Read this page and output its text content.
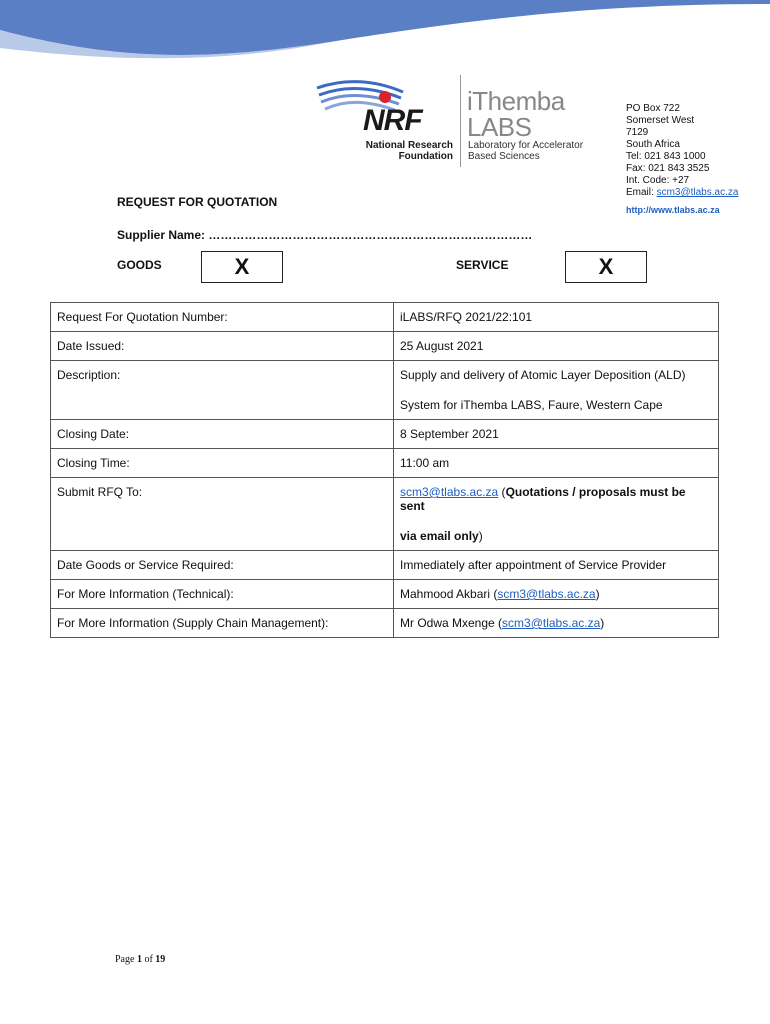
NRF
National Research
Foundation
iThemba
LABS
Laboratory for Accelerator
Based Sciences
PO Box 722
Somerset West
7129
South Africa
Tel: 021 843 1000
Fax: 021 843 3525
Int. Code: +27
Email: scm3@tlabs.ac.za
http://www.tlabs.ac.za
REQUEST FOR QUOTATION
Supplier Name: ………………………………………………………………………
GOODS	X	SERVICE	X
Request For Quotation Number:	iLABS/RFQ 2021/22:101
Date Issued:	25 August 2021
Description:	Supply and delivery of Atomic Layer Deposition (ALD)
System for iThemba LABS, Faure, Western Cape

Closing Date:	8 September 2021
Closing Time:	11:00 am
Submit RFQ To:	scm3@tlabs.ac.za (Quotations / proposals must be sent
via email only)

Date Goods or Service Required:	Immediately after appointment of Service Provider
For More Information (Technical):	Mahmood Akbari (scm3@tlabs.ac.za)
For More Information (Supply Chain Management):	Mr Odwa Mxenge (scm3@tlabs.ac.za)
Page 1 of 19
